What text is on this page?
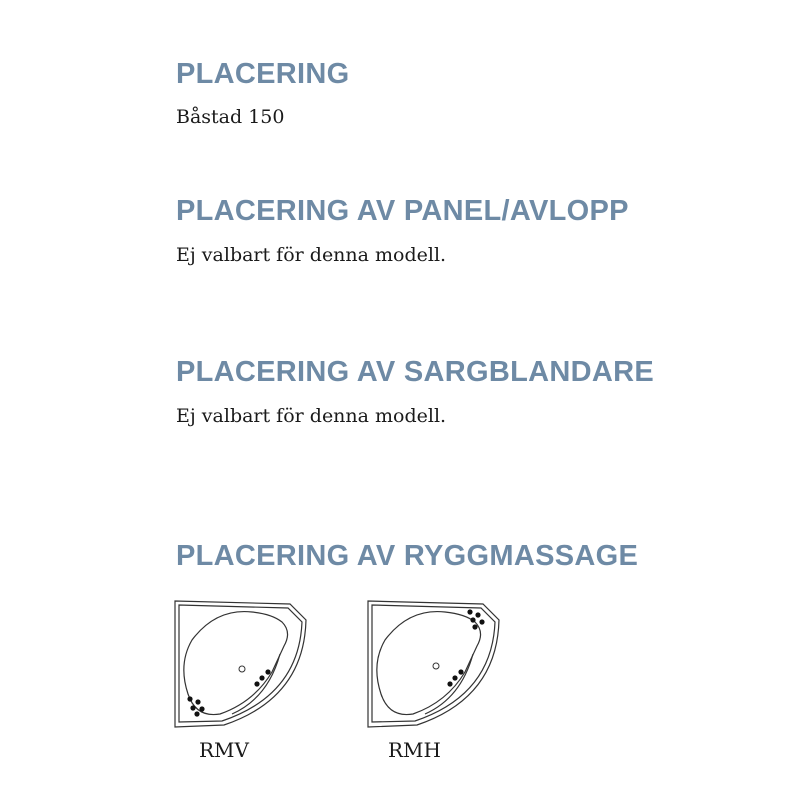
PLACERING

Båstad 150

PLACERING AV PANEL/AVLOPP

Ej valbart för denna modell.

PLACERING AV SARGBLANDARE

Ej valbart för denna modell.

PLACERING AV RYGGMASSAGE
RMV	RMH
